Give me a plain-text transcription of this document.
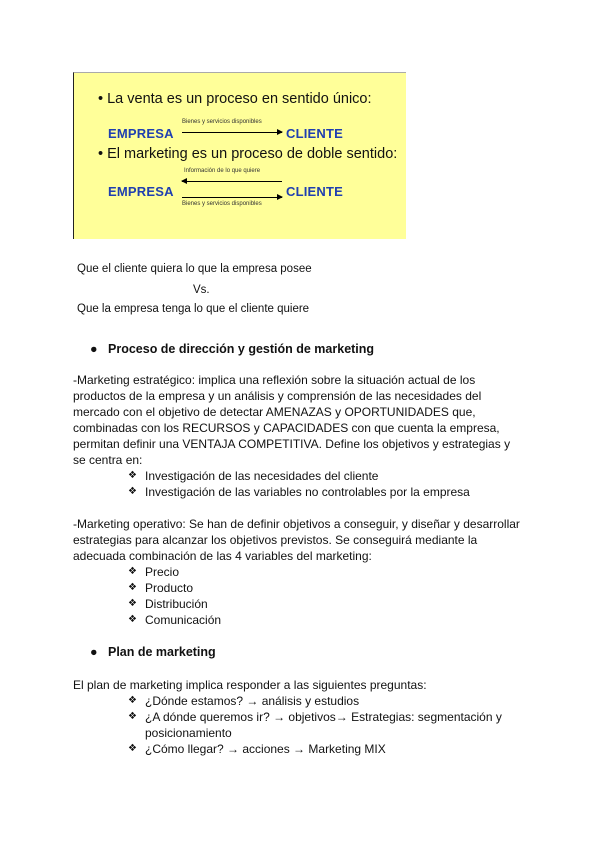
• La venta es un proceso en sentido único:
EMPRESA
Bienes y servicios disponibles
CLIENTE
• El marketing es un proceso de doble sentido:
Información de lo que quiere
EMPRESA	CLIENTE
Bienes y servicios disponibles
Que el cliente quiera lo que la empresa posee
Vs.
Que la empresa tenga lo que el cliente quiere
● Proceso de dirección y gestión de marketing

-Marketing estratégico: implica una reflexión sobre la situación actual de los

productos de la empresa y un análisis y comprensión de las necesidades del

mercado con el objetivo de detectar AMENAZAS y OPORTUNIDADES que,

combinadas con los RECURSOS y CAPACIDADES con que cuenta la empresa,

permitan definir una VENTAJA COMPETITIVA. Define los objetivos y estrategias y

se centra en:

❖ Investigación de las necesidades del cliente
❖ Investigación de las variables no controlables por la empresa

-Marketing operativo: Se han de definir objetivos a conseguir, y diseñar y desarrollar

estrategias para alcanzar los objetivos previstos. Se conseguirá mediante la

adecuada combinación de las 4 variables del marketing:

❖ Precio
❖ Producto
❖ Distribución
❖ Comunicación
● Plan de marketing

El plan de marketing implica responder a las siguientes preguntas:

❖ ¿Dónde estamos? → análisis y estudios
❖ ¿A dónde queremos ir? → objetivos→ Estrategias: segmentación y
posicionamiento
❖ ¿Cómo llegar? → acciones → Marketing MIX
